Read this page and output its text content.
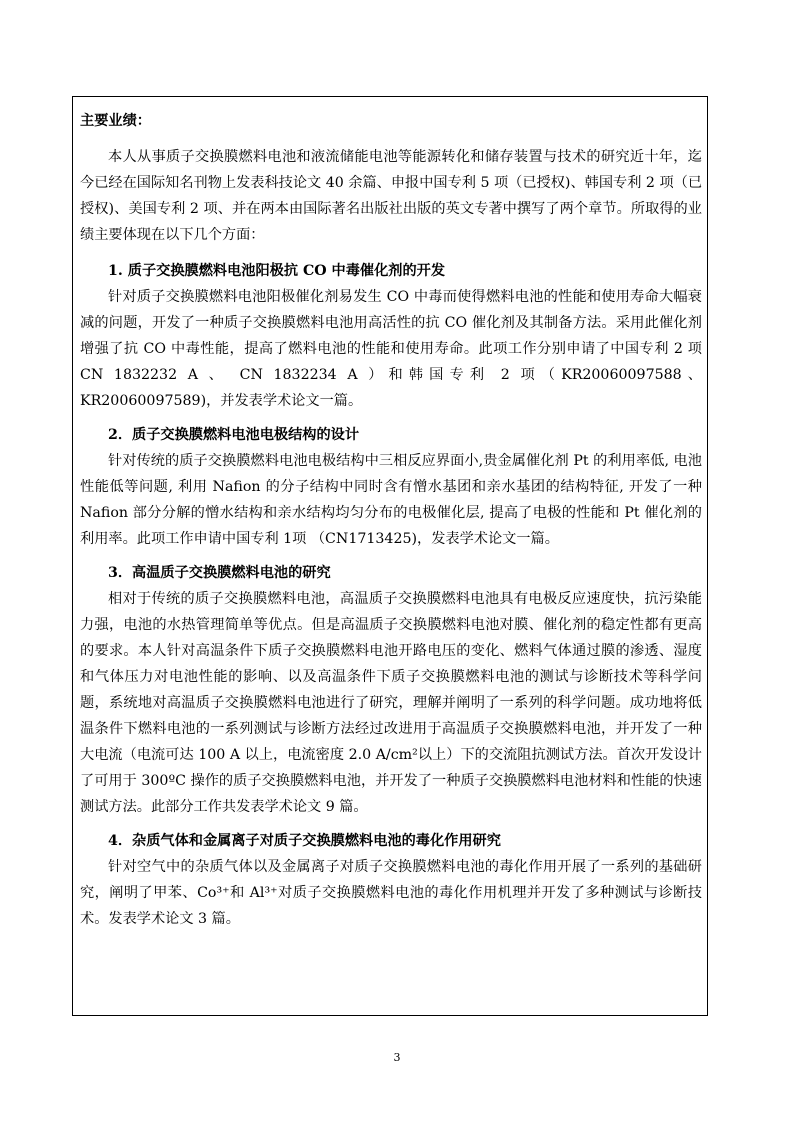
主要业绩：

本人从事质子交换膜燃料电池和液流储能电池等能源转化和储存装置与技术的研究近十年，迄今已经在国际知名刊物上发表科技论文 40 余篇、申报中国专利 5 项（已授权)、韩国专利 2 项（已授权)、美国专利 2 项、并在两本由国际著名出版社出版的英文专著中撰写了两个章节。所取得的业绩主要体现在以下几个方面：

1. 质子交换膜燃料电池阳极抗 CO 中毒催化剂的开发

针对质子交换膜燃料电池阳极催化剂易发生 CO 中毒而使得燃料电池的性能和使用寿命大幅衰减的问题，开发了一种质子交换膜燃料电池用高活性的抗 CO 催化剂及其制备方法。采用此催化剂增强了抗 CO 中毒性能，提高了燃料电池的性能和使用寿命。此项工作分别申请了中国专利 2 项 CN 1832232 A 、 CN 1832234 A ）和韩国专利 2 项（KR20060097588、 KR20060097589)，并发表学术论文一篇。

2．质子交换膜燃料电池电极结构的设计

针对传统的质子交换膜燃料电池电极结构中三相反应界面小,贵金属催化剂 Pt 的利用率低, 电池性能低等问题, 利用 Nafion 的分子结构中同时含有憎水基团和亲水基团的结构特征, 开发了一种 Nafion 部分分解的憎水结构和亲水结构均匀分布的电极催化层, 提高了电极的性能和 Pt 催化剂的利用率。此项工作申请中国专利 1项 （CN1713425)，发表学术论文一篇。

3．高温质子交换膜燃料电池的研究

相对于传统的质子交换膜燃料电池，高温质子交换膜燃料电池具有电极反应速度快，抗污染能力强，电池的水热管理简单等优点。但是高温质子交换膜燃料电池对膜、催化剂的稳定性都有更高的要求。本人针对高温条件下质子交换膜燃料电池开路电压的变化、燃料气体通过膜的渗透、湿度和气体压力对电池性能的影响、以及高温条件下质子交换膜燃料电池的测试与诊断技术等科学问题，系统地对高温质子交换膜燃料电池进行了研究，理解并阐明了一系列的科学问题。成功地将低温条件下燃料电池的一系列测试与诊断方法经过改进用于高温质子交换膜燃料电池，并开发了一种大电流（电流可达 100 A 以上，电流密度 2.0 A/cm²以上）下的交流阻抗测试方法。首次开发设计了可用于 300ºC 操作的质子交换膜燃料电池，并开发了一种质子交换膜燃料电池材料和性能的快速测试方法。此部分工作共发表学术论文 9 篇。

4．杂质气体和金属离子对质子交换膜燃料电池的毒化作用研究

针对空气中的杂质气体以及金属离子对质子交换膜燃料电池的毒化作用开展了一系列的基础研究，阐明了甲苯、Co³⁺和 Al³⁺对质子交换膜燃料电池的毒化作用机理并开发了多种测试与诊断技术。发表学术论文 3 篇。

3
